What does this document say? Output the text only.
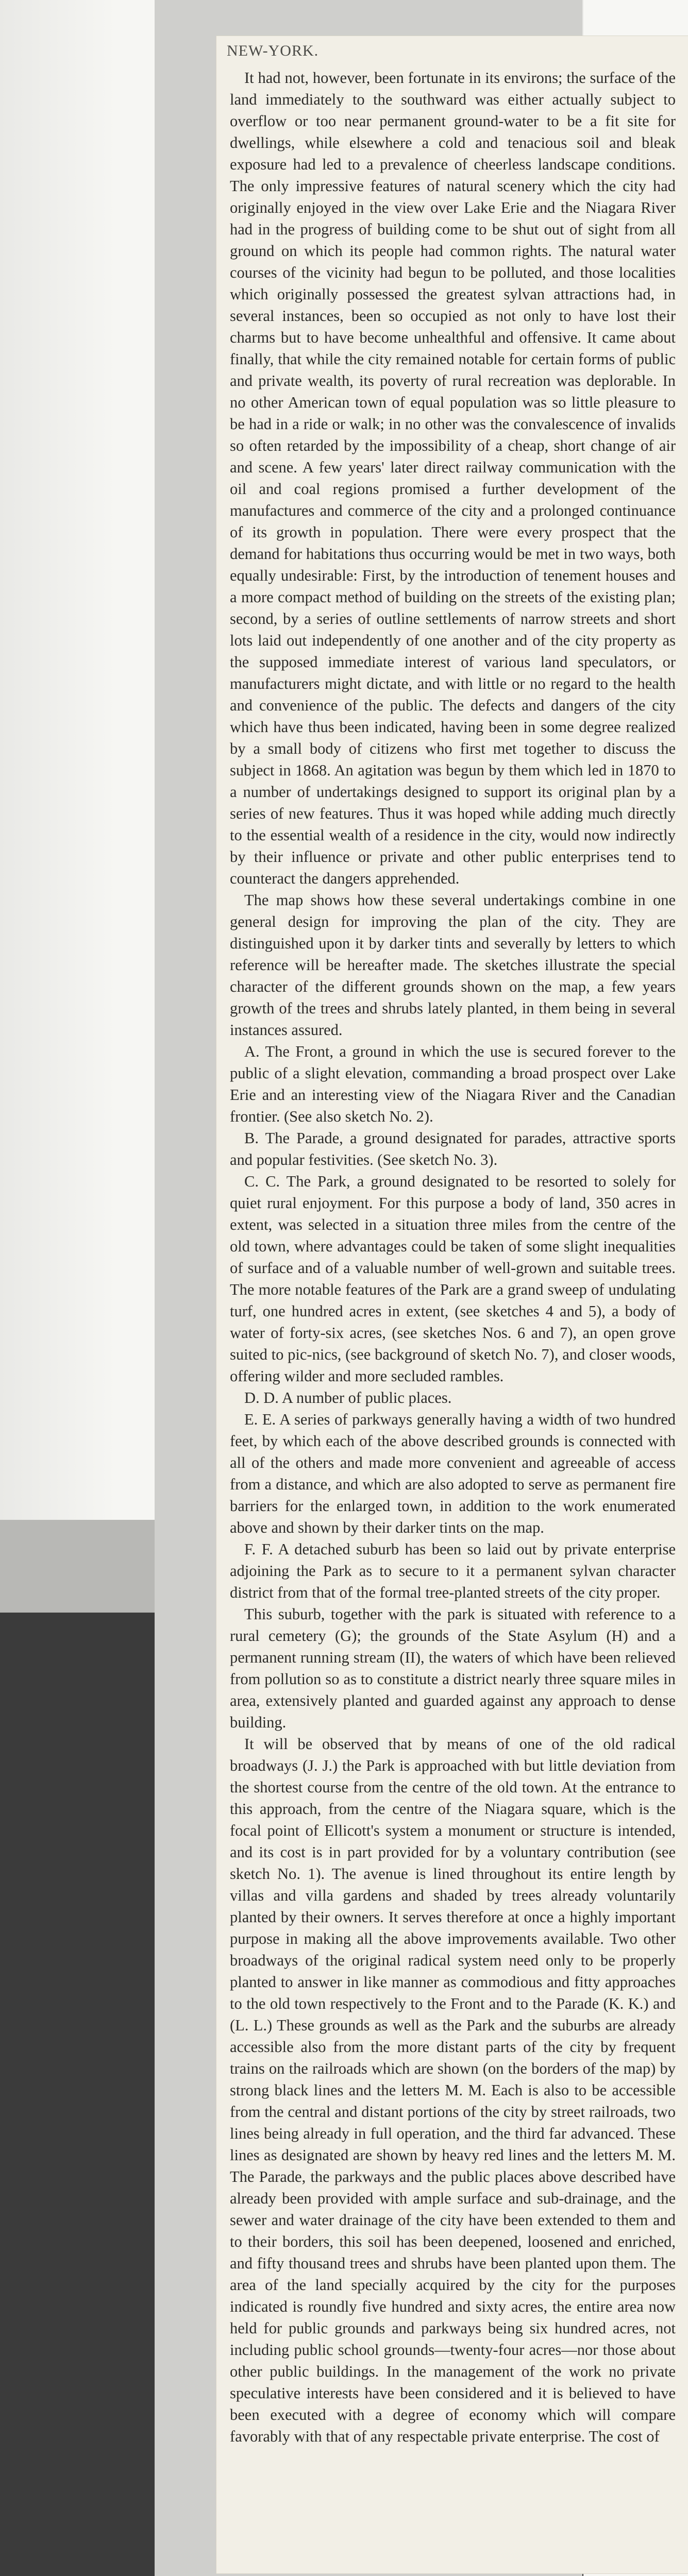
NEW-YORK.

It had not, however, been fortunate in its environs; the surface of the land immediately to the southward was either actually subject to overflow or too near permanent ground-water to be a fit site for dwellings, while elsewhere a cold and tenacious soil and bleak exposure had led to a prevalence of cheerless landscape conditions. The only impressive features of natural scenery which the city had originally enjoyed in the view over Lake Erie and the Niagara River had in the progress of building come to be shut out of sight from all ground on which its people had common rights. The natural water courses of the vicinity had begun to be polluted, and those localities which originally possessed the greatest sylvan attractions had, in several instances, been so occupied as not only to have lost their charms but to have become unhealthful and offensive. It came about finally, that while the city remained notable for certain forms of public and private wealth, its poverty of rural recreation was deplorable. In no other American town of equal population was so little pleasure to be had in a ride or walk; in no other was the convalescence of invalids so often retarded by the impossibility of a cheap, short change of air and scene. A few years' later direct railway communication with the oil and coal regions promised a further development of the manufactures and commerce of the city and a prolonged continuance of its growth in population. There were every prospect that the demand for habitations thus occurring would be met in two ways, both equally undesirable: First, by the introduction of tenement houses and a more compact method of building on the streets of the existing plan; second, by a series of outline settlements of narrow streets and short lots laid out independently of one another and of the city property as the supposed immediate interest of various land speculators, or manufacturers might dictate, and with little or no regard to the health and convenience of the public. The defects and dangers of the city which have thus been indicated, having been in some degree realized by a small body of citizens who first met together to discuss the subject in 1868. An agitation was begun by them which led in 1870 to a number of undertakings designed to support its original plan by a series of new features. Thus it was hoped while adding much directly to the essential wealth of a residence in the city, would now indirectly by their influence or private and other public enterprises tend to counteract the dangers apprehended.

The map shows how these several undertakings combine in one general design for improving the plan of the city. They are distinguished upon it by darker tints and severally by letters to which reference will be hereafter made. The sketches illustrate the special character of the different grounds shown on the map, a few years growth of the trees and shrubs lately planted, in them being in several instances assured.

A. The Front, a ground in which the use is secured forever to the public of a slight elevation, commanding a broad prospect over Lake Erie and an interesting view of the Niagara River and the Canadian frontier. (See also sketch No. 2).

B. The Parade, a ground designated for parades, attractive sports and popular festivities. (See sketch No. 3).

C. C. The Park, a ground designated to be resorted to solely for quiet rural enjoyment. For this purpose a body of land, 350 acres in extent, was selected in a situation three miles from the centre of the old town, where advantages could be taken of some slight inequalities of surface and of a valuable number of well-grown and suitable trees. The more notable features of the Park are a grand sweep of undulating turf, one hundred acres in extent, (see sketches 4 and 5), a body of water of forty-six acres, (see sketches Nos. 6 and 7), an open grove suited to pic-nics, (see background of sketch No. 7), and closer woods, offering wilder and more secluded rambles.

D. D. A number of public places.

E. E. A series of parkways generally having a width of two hundred feet, by which each of the above described grounds is connected with all of the others and made more convenient and agreeable of access from a distance, and which are also adopted to serve as permanent fire barriers for the enlarged town, in addition to the work enumerated above and shown by their darker tints on the map.

F. F. A detached suburb has been so laid out by private enterprise adjoining the Park as to secure to it a permanent sylvan character district from that of the formal tree-planted streets of the city proper.

This suburb, together with the park is situated with reference to a rural cemetery (G); the grounds of the State Asylum (H) and a permanent running stream (II), the waters of which have been relieved from pollution so as to constitute a district nearly three square miles in area, extensively planted and guarded against any approach to dense building.

It will be observed that by means of one of the old radical broadways (J. J.) the Park is approached with but little deviation from the shortest course from the centre of the old town. At the entrance to this approach, from the centre of the Niagara square, which is the focal point of Ellicott's system a monument or structure is intended, and its cost is in part provided for by a voluntary contribution (see sketch No. 1). The avenue is lined throughout its entire length by villas and villa gardens and shaded by trees already voluntarily planted by their owners. It serves therefore at once a highly important purpose in making all the above improvements available. Two other broadways of the original radical system need only to be properly planted to answer in like manner as commodious and fitty approaches to the old town respectively to the Front and to the Parade (K. K.) and (L. L.) These grounds as well as the Park and the suburbs are already accessible also from the more distant parts of the city by frequent trains on the railroads which are shown (on the borders of the map) by strong black lines and the letters M. M. Each is also to be accessible from the central and distant portions of the city by street railroads, two lines being already in full operation, and the third far advanced. These lines as designated are shown by heavy red lines and the letters M. M. The Parade, the parkways and the public places above described have already been provided with ample surface and sub-drainage, and the sewer and water drainage of the city have been extended to them and to their borders, this soil has been deepened, loosened and enriched, and fifty thousand trees and shrubs have been planted upon them. The area of the land specially acquired by the city for the purposes indicated is roundly five hundred and sixty acres, the entire area now held for public grounds and parkways being six hundred acres, not including public school grounds—twenty-four acres—nor those about other public buildings. In the management of the work no private speculative interests have been considered and it is believed to have been executed with a degree of economy which will compare favorably with that of any respectable private enterprise. The cost of
